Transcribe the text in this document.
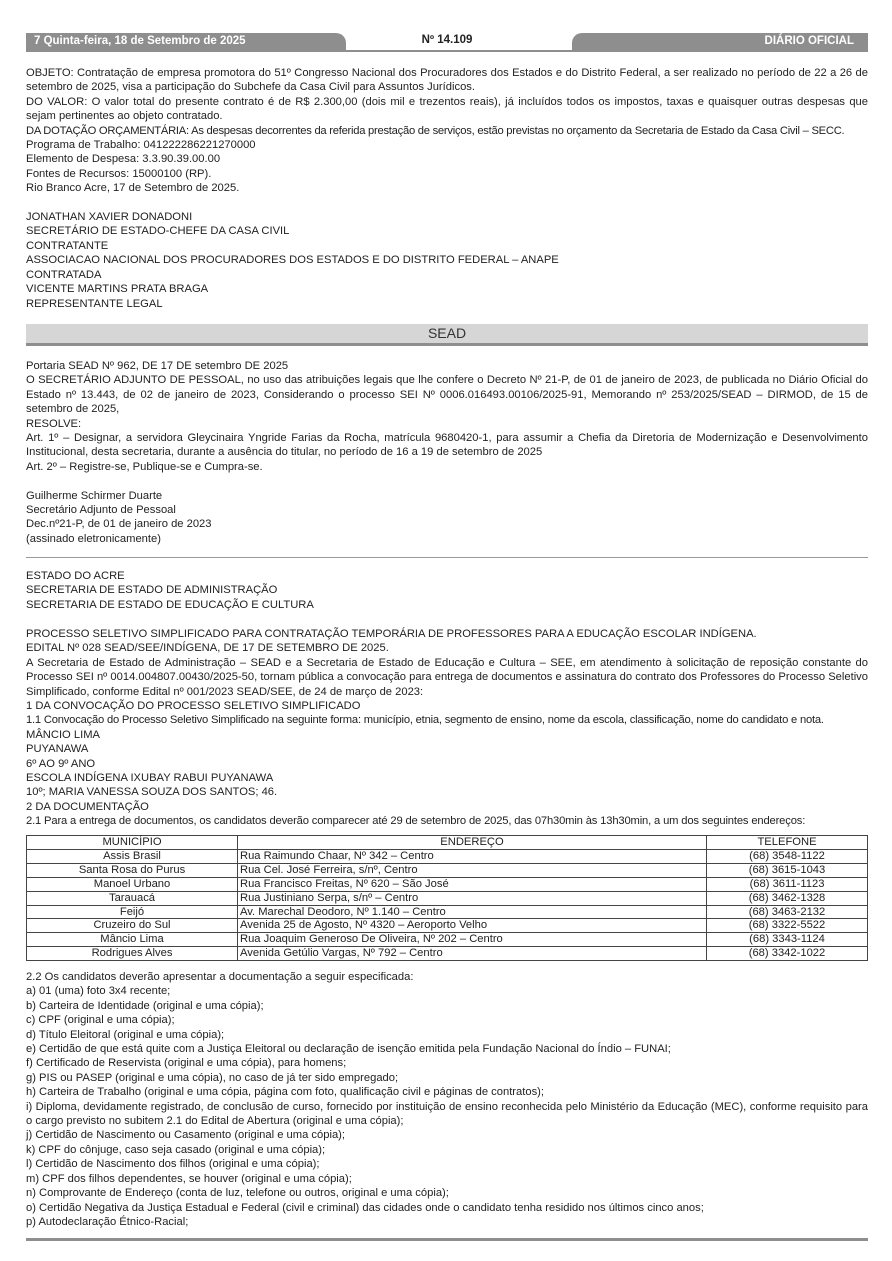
7 Quinta-feira, 18 de Setembro de 2025	Nº 14.109	DIÁRIO OFICIAL

OBJETO: Contratação de empresa promotora do 51º Congresso Nacional dos Procuradores dos Estados e do Distrito Federal, a ser realizado no período de 22 a 26 de setembro de 2025, visa a participação do Subchefe da Casa Civil para Assuntos Jurídicos.

DO VALOR: O valor total do presente contrato é de R$ 2.300,00 (dois mil e trezentos reais), já incluídos todos os impostos, taxas e quaisquer outras despesas que sejam pertinentes ao objeto contratado.

DA DOTAÇÃO ORÇAMENTÁRIA: As despesas decorrentes da referida prestação de serviços, estão previstas no orçamento da Secretaria de Estado da Casa Civil – SECC.

Programa de Trabalho: 04122228622127000​0

Elemento de Despesa: 3.3.90.39.00.00

Fontes de Recursos: 15000100 (RP).

Rio Branco Acre, 17 de Setembro de 2025.

JONATHAN XAVIER DONADONI

SECRETÁRIO DE ESTADO-CHEFE DA CASA CIVIL

CONTRATANTE

ASSOCIACAO NACIONAL DOS PROCURADORES DOS ESTADOS E DO DISTRITO FEDERAL – ANAPE

CONTRATADA

VICENTE MARTINS PRATA BRAGA

REPRESENTANTE LEGAL

SEAD

Portaria SEAD Nº 962, DE 17 DE setembro DE 2025

O SECRETÁRIO ADJUNTO DE PESSOAL, no uso das atribuições legais que lhe confere o Decreto Nº 21-P, de 01 de janeiro de 2023, de publicada no Diário Oficial do Estado nº 13.443, de 02 de janeiro de 2023, Considerando o processo SEI Nº 0006.016493.00106/2025-91, Memorando nº 253/2025/SEAD – DIRMOD, de 15 de setembro de 2025,

RESOLVE:

Art. 1º – Designar, a servidora Gleycinaira Yngride Farias da Rocha, matrícula 9680420-1, para assumir a Chefia da Diretoria de Modernização e Desenvolvimento Institucional, desta secretaria, durante a ausência do titular, no período de 16 a 19 de setembro de 2025

Art. 2º – Registre-se, Publique-se e Cumpra-se.

Guilherme Schirmer Duarte

Secretário Adjunto de Pessoal

Dec.nº21-P, de 01 de janeiro de 2023

(assinado eletronicamente)

ESTADO DO ACRE

SECRETARIA DE ESTADO DE ADMINISTRAÇÃO

SECRETARIA DE ESTADO DE EDUCAÇÃO E CULTURA

PROCESSO SELETIVO SIMPLIFICADO PARA CONTRATAÇÃO TEMPORÁRIA DE PROFESSORES PARA A EDUCAÇÃO ESCOLAR INDÍGENA.

EDITAL Nº 028 SEAD/SEE/INDÍGENA, DE 17 DE SETEMBRO DE 2025.

A Secretaria de Estado de Administração – SEAD e a Secretaria de Estado de Educação e Cultura – SEE, em atendimento à solicitação de reposição constante do Processo SEI nº 0014.004807.00430/2025-50, tornam pública a convocação para entrega de documentos e assinatura do contrato dos Professores do Processo Seletivo Simplificado, conforme Edital nº 001/2023 SEAD/SEE, de 24 de março de 2023:

1 DA CONVOCAÇÃO DO PROCESSO SELETIVO SIMPLIFICADO

1.1 Convocação do Processo Seletivo Simplificado na seguinte forma: município, etnia, segmento de ensino, nome da escola, classificação, nome do candidato e nota.

MÂNCIO LIMA

PUYANAWA

6º AO 9º ANO

ESCOLA INDÍGENA IXUBAY RABUI PUYANAWA

10º; MARIA VANESSA SOUZA DOS SANTOS; 46.

2 DA DOCUMENTAÇÃO

2.1 Para a entrega de documentos, os candidatos deverão comparecer até 29 de setembro de 2025, das 07h30min às 13h30min, a um dos seguintes endereços:

MUNICÍPIO	ENDEREÇO	TELEFONE
Assis Brasil	Rua Raimundo Chaar, Nº 342 – Centro	(68) 3548-1122
Santa Rosa do Purus	Rua Cel. José Ferreira, s/nº, Centro	(68) 3615-1043
Manoel Urbano	Rua Francisco Freitas, Nº 620 – São José	(68) 3611-1123
Tarauacá	Rua Justiniano Serpa, s/nº – Centro	(68) 3462-1328
Feijó	Av. Marechal Deodoro, Nº 1.140 – Centro	(68) 3463-2132
Cruzeiro do Sul	Avenida 25 de Agosto, Nº 4320 – Aeroporto Velho	(68) 3322-5522
Mâncio Lima	Rua Joaquim Generoso De Oliveira, Nº 202 – Centro	(68) 3343-1124
Rodrigues Alves	Avenida Getúlio Vargas, Nº 792 – Centro	(68) 3342-1022

2.2 Os candidatos deverão apresentar a documentação a seguir especificada:

a) 01 (uma) foto 3x4 recente;

b) Carteira de Identidade (original e uma cópia);

c) CPF (original e uma cópia);

d) Título Eleitoral (original e uma cópia);

e) Certidão de que está quite com a Justiça Eleitoral ou declaração de isenção emitida pela Fundação Nacional do Índio – FUNAI;

f) Certificado de Reservista (original e uma cópia), para homens;

g) PIS ou PASEP (original e uma cópia), no caso de já ter sido empregado;

h) Carteira de Trabalho (original e uma cópia, página com foto, qualificação civil e páginas de contratos);

i) Diploma, devidamente registrado, de conclusão de curso, fornecido por instituição de ensino reconhecida pelo Ministério da Educação (MEC), conforme requisito para o cargo previsto no subitem 2.1 do Edital de Abertura (original e uma cópia);

j) Certidão de Nascimento ou Casamento (original e uma cópia);

k) CPF do cônjuge, caso seja casado (original e uma cópia);

l) Certidão de Nascimento dos filhos (original e uma cópia);

m) CPF dos filhos dependentes, se houver (original e uma cópia);

n) Comprovante de Endereço (conta de luz, telefone ou outros, original e uma cópia);

o) Certidão Negativa da Justiça Estadual e Federal (civil e criminal) das cidades onde o candidato tenha residido nos últimos cinco anos;

p) Autodeclaração Étnico-Racial;
